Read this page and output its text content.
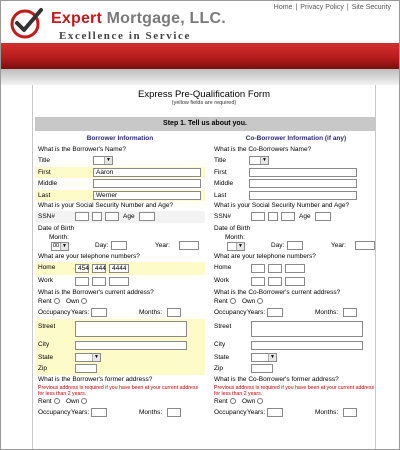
Expert Mortgage, LLC.
Excellence in Service
Home | Privacy Policy | Site Security
Express Pre-Qualification Form
(yellow fields are required)
Step 1. Tell us about you.
Borrower Information
What is the Borrower's Name?
Title	▼
First	Aaron
Middle
Last	Werner
What is your Social Security Number and Age?
SSN#	Age
Date of Birth
Month:
00 ▼	Day:	Year:
What are your telephone numbers?
Home	454 444 4444
Work
What is the Borrower's current address?
Rent Own
Occupancy Years:	Months:
Street
City
State	▼
Zip
What is the Borrower's former address?
Previous address is required if you have been at your current address for less than 2 years.
Rent Own
Occupancy Years:	Months:
Co-Borrower Information (if any)
What is the Co-Borrowers Name?
Title	▼
First
Middle
Last
What is your Social Security Number and Age?
SSN#	Age
Date of Birth
Month:
▼	Day:	Year:
What are your telephone numbers?
Home
Work
What is the Co-Borrower's current address?
Rent Own
Occupancy Years:	Months:
Street
City
State	▼
Zip
What is the Co-Borrower's former address?
Previous address is required if you have been at your current address for less than 2 years.
Rent Own
Occupancy Years:	Months:
